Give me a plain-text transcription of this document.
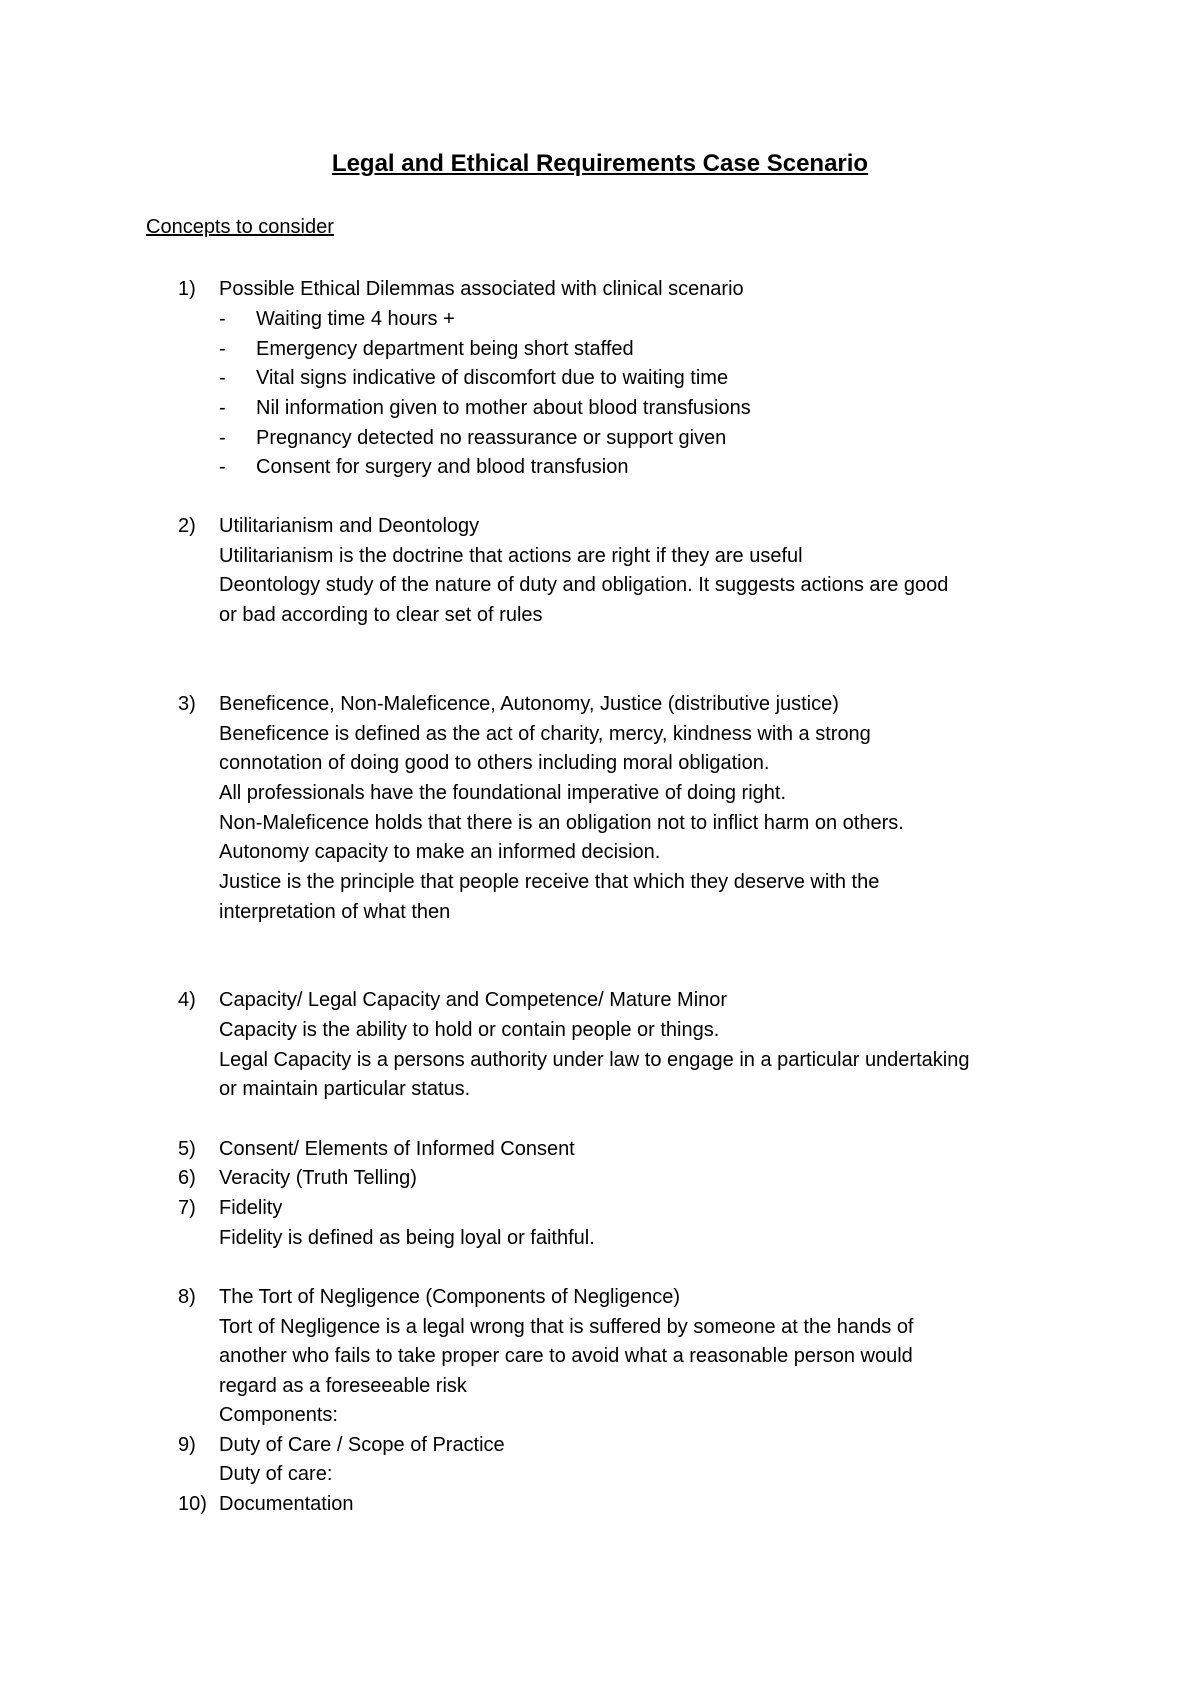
Legal and Ethical Requirements Case Scenario
Concepts to consider
1) Possible Ethical Dilemmas associated with clinical scenario
- Waiting time 4 hours +
- Emergency department being short staffed
- Vital signs indicative of discomfort due to waiting time
- Nil information given to mother about blood transfusions
- Pregnancy detected no reassurance or support given
- Consent for surgery and blood transfusion
2) Utilitarianism and Deontology
Utilitarianism is the doctrine that actions are right if they are useful
Deontology study of the nature of duty and obligation. It suggests actions are good
or bad according to clear set of rules
3) Beneficence, Non-Maleficence, Autonomy, Justice (distributive justice)
Beneficence is defined as the act of charity, mercy, kindness with a strong
connotation of doing good to others including moral obligation.
All professionals have the foundational imperative of doing right.
Non-Maleficence holds that there is an obligation not to inflict harm on others.
Autonomy capacity to make an informed decision.
Justice is the principle that people receive that which they deserve with the
interpretation of what then
4) Capacity/ Legal Capacity and Competence/ Mature Minor
Capacity is the ability to hold or contain people or things.
Legal Capacity is a persons authority under law to engage in a particular undertaking
or maintain particular status.
5) Consent/ Elements of Informed Consent
6) Veracity (Truth Telling)
7) Fidelity
Fidelity is defined as being loyal or faithful.
8) The Tort of Negligence (Components of Negligence)
Tort of Negligence is a legal wrong that is suffered by someone at the hands of
another who fails to take proper care to avoid what a reasonable person would
regard as a foreseeable risk
Components:
9) Duty of Care / Scope of Practice
Duty of care:
10) Documentation
